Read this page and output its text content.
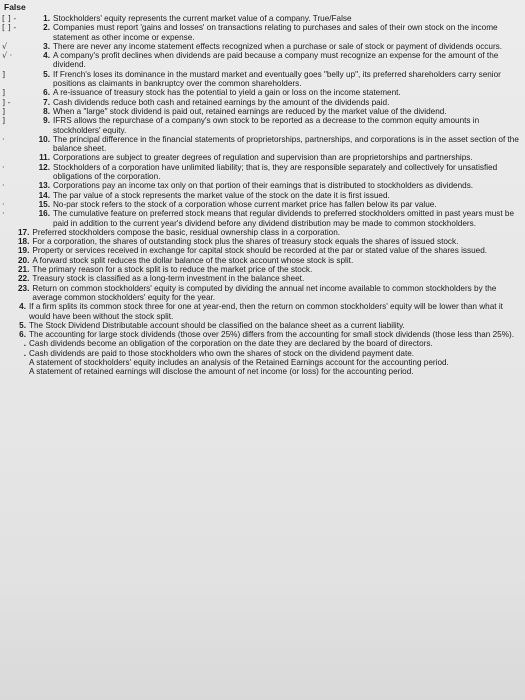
False
[ ] -	1. Stockholders' equity represents the current market value of a company. True/False
[ ] -	2. Companies must report 'gains and losses' on transactions relating to purchases and sales of their own stock on the income statement as other income or expense.
√	3. There are never any income statement effects recognized when a purchase or sale of stock or payment of dividends occurs.
√ ·	4. A company's profit declines when dividends are paid because a company must recognize an expense for the amount of the dividend.
]	5. If French's loses its dominance in the mustard market and eventually goes "belly up", its preferred shareholders carry senior positions as claimants in bankruptcy over the common shareholders.
]	6. A re-issuance of treasury stock has the potential to yield a gain or loss on the income statement.
] -	7. Cash dividends reduce both cash and retained earnings by the amount of the dividends paid.
]	8. When a "large" stock dividend is paid out, retained earnings are reduced by the market value of the dividend.
]	9. IFRS allows the repurchase of a company's own stock to be reported as a decrease to the common equity amounts in stockholders' equity.
·	10. The principal difference in the financial statements of proprietorships, partnerships, and corporations is in the asset section of the balance sheet.
11. Corporations are subject to greater degrees of regulation and supervision than are proprietorships and partnerships.
·	12. Stockholders of a corporation have unlimited liability; that is, they are responsible separately and collectively for unsatisfied obligations of the corporation.
·	13. Corporations pay an income tax only on that portion of their earnings that is distributed to stockholders as dividends.
14. The par value of a stock represents the market value of the stock on the date it is first issued.
·	15. No-par stock refers to the stock of a corporation whose current market price has fallen below its par value.
·	16. The cumulative feature on preferred stock means that regular dividends to preferred stockholders omitted in past years must be paid in addition to the current year's dividend before any dividend distribution may be made to common stockholders.
17. Preferred stockholders compose the basic, residual ownership class in a corporation.
18. For a corporation, the shares of outstanding stock plus the shares of treasury stock equals the shares of issued stock.
19. Property or services received in exchange for capital stock should be recorded at the par or stated value of the shares issued.
20. A forward stock split reduces the dollar balance of the stock account whose stock is split.
21. The primary reason for a stock split is to reduce the market price of the stock.
22. Treasury stock is classified as a long-term investment in the balance sheet.
23. Return on common stockholders' equity is computed by dividing the annual net income available to common stockholders by the average common stockholders' equity for the year.
4. If a firm splits its common stock three for one at year-end, then the return on common stockholders' equity will be lower than what it would have been without the stock split.
5. The Stock Dividend Distributable account should be classified on the balance sheet as a current liability.
6. The accounting for large stock dividends (those over 25%) differs from the accounting for small stock dividends (those less than 25%).
. Cash dividends become an obligation of the corporation on the date they are declared by the board of directors.
. Cash dividends are paid to those stockholders who own the shares of stock on the dividend payment date.
A statement of stockholders' equity includes an analysis of the Retained Earnings account for the accounting period.
A statement of retained earnings will disclose the amount of net income (or loss) for the accounting period.
